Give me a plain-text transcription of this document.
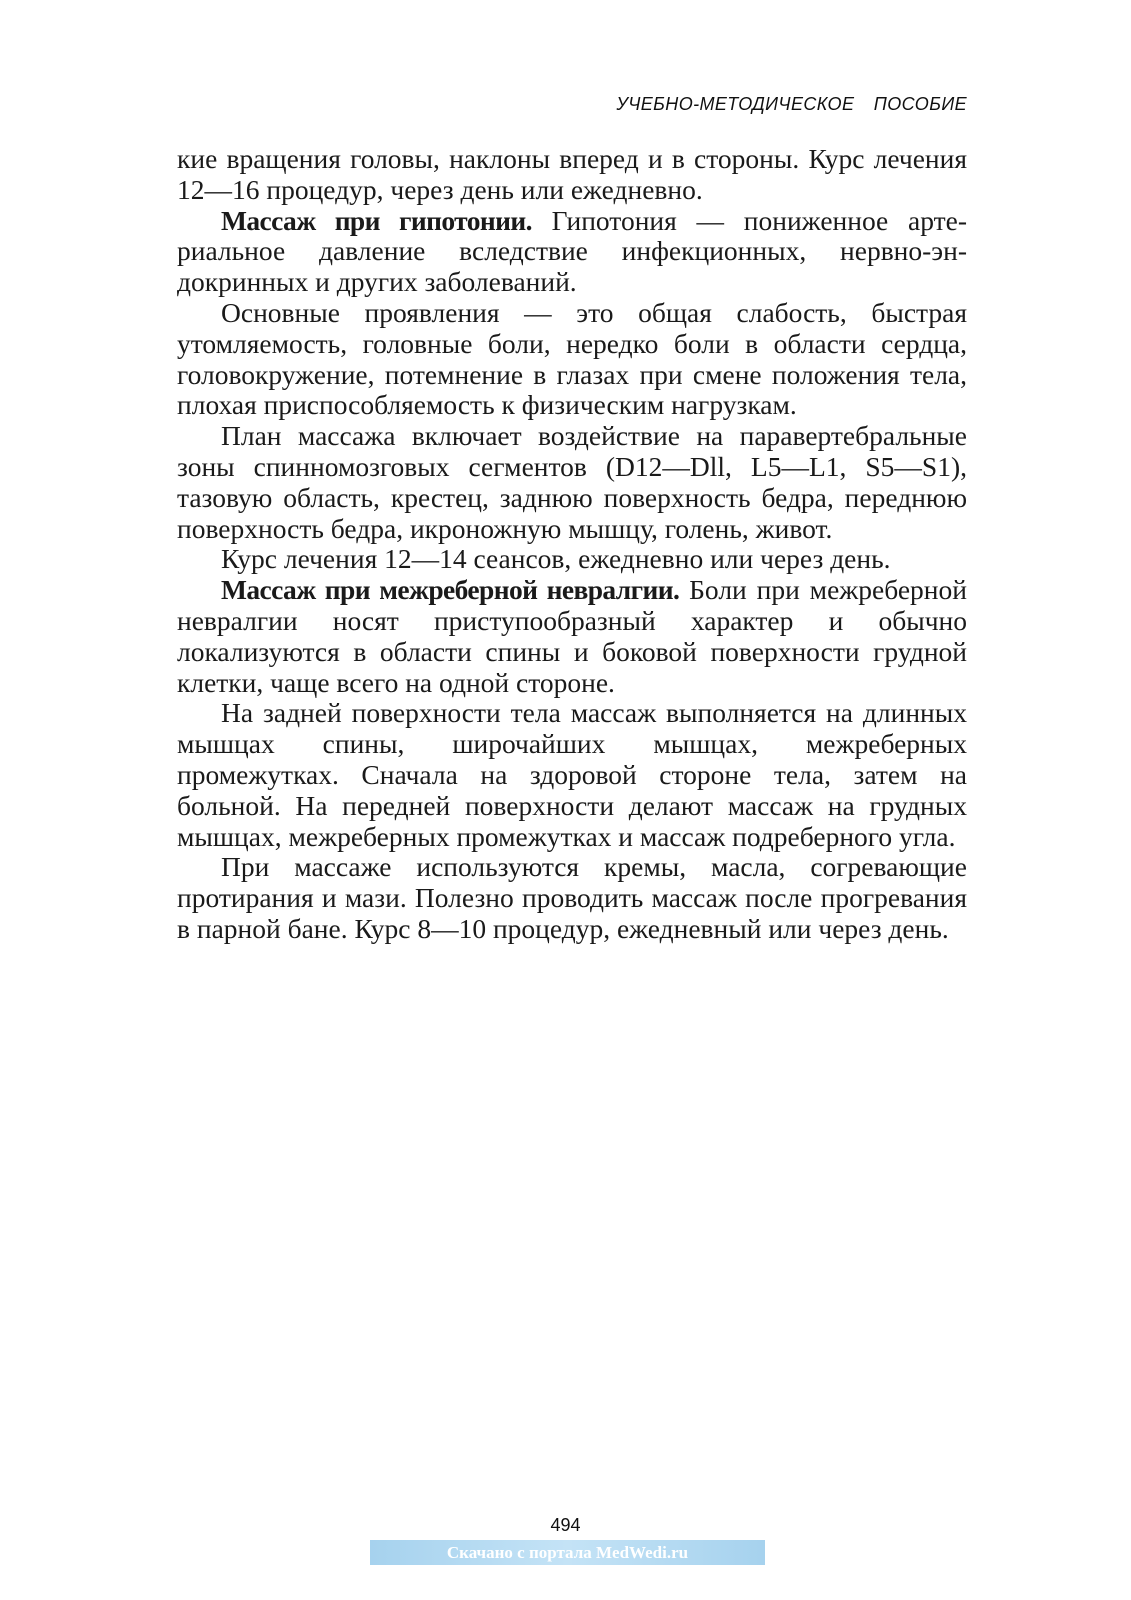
УЧЕБНО-МЕТОДИЧЕСКОЕ ПОСОБИЕ

кие вращения головы, наклоны вперед и в стороны. Курс лечения 12—16 процедур, через день или ежедневно.

Массаж при гипотонии. Гипотония — пониженное артериальное давление вследствие инфекционных, нервно-эндокринных и других заболеваний.

Основные проявления — это общая слабость, быстрая утомляемость, головные боли, нередко боли в области сердца, головокружение, потемнение в глазах при смене положения тела, плохая приспособляемость к физическим нагрузкам.

План массажа включает воздействие на паравертебральные зоны спинномозговых сегментов (D12—Dll, L5—L1, S5—S1), тазовую область, крестец, заднюю поверхность бедра, переднюю поверхность бедра, икроножную мышцу, голень, живот.

Курс лечения 12—14 сеансов, ежедневно или через день.

Массаж при межреберной невралгии. Боли при межреберной невралгии носят приступообразный характер и обычно локализуются в области спины и боковой поверхности грудной клетки, чаще всего на одной стороне.

На задней поверхности тела массаж выполняется на длинных мышцах спины, широчайших мышцах, межреберных промежутках. Сначала на здоровой стороне тела, затем на больной. На передней поверхности делают массаж на грудных мышцах, межреберных промежутках и массаж подреберного угла.

При массаже используются кремы, масла, согревающие протирания и мази. Полезно проводить массаж после прогревания в парной бане. Курс 8—10 процедур, ежедневный или через день.

494
Скачано с портала MedWedi.ru
